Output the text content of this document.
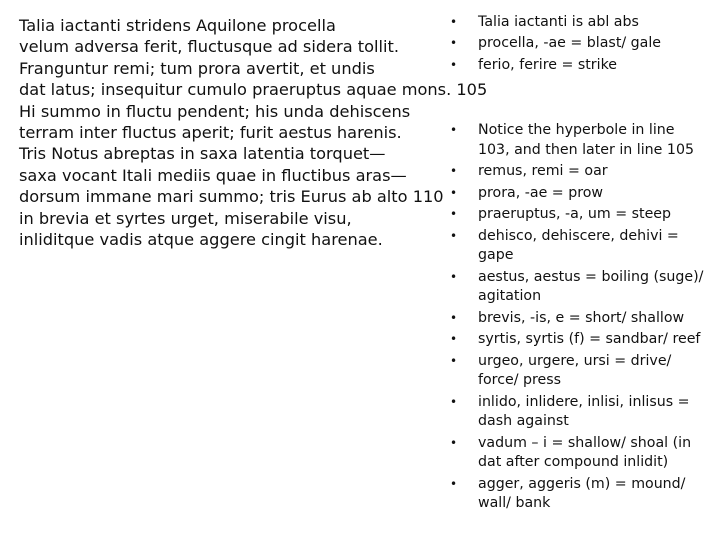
Talia iactanti stridens Aquilone procella
velum adversa ferit, fluctusque ad sidera tollit.
Franguntur remi; tum prora avertit, et undis
dat latus; insequitur cumulo praeruptus aquae mons. 105
Hi summo in fluctu pendent; his unda dehiscens
terram inter fluctus aperit; furit aestus harenis.
Tris Notus abreptas in saxa latentia torquet—
saxa vocant Itali mediis quae in fluctibus aras—
dorsum immane mari summo; tris Eurus ab alto 110
in brevia et syrtes urget, miserabile visu,
inliditque vadis atque aggere cingit harenae.
• Talia iactanti is abl abs
• procella, -ae = blast/ gale
• ferio, ferire = strike
• Notice the hyperbole in line 103, and then later in line 105
• remus, remi = oar
• prora, -ae = prow
• praeruptus, -a, um = steep
• dehisco, dehiscere, dehivi = gape
• aestus, aestus = boiling (suge)/ agitation
• brevis, -is, e = short/ shallow
• syrtis, syrtis (f) = sandbar/ reef
• urgeo, urgere, ursi = drive/ force/ press
• inlido, inlidere, inlisi, inlisus = dash against
• vadum – i = shallow/ shoal (in dat after compound inlidit)
• agger, aggeris (m) = mound/ wall/ bank
